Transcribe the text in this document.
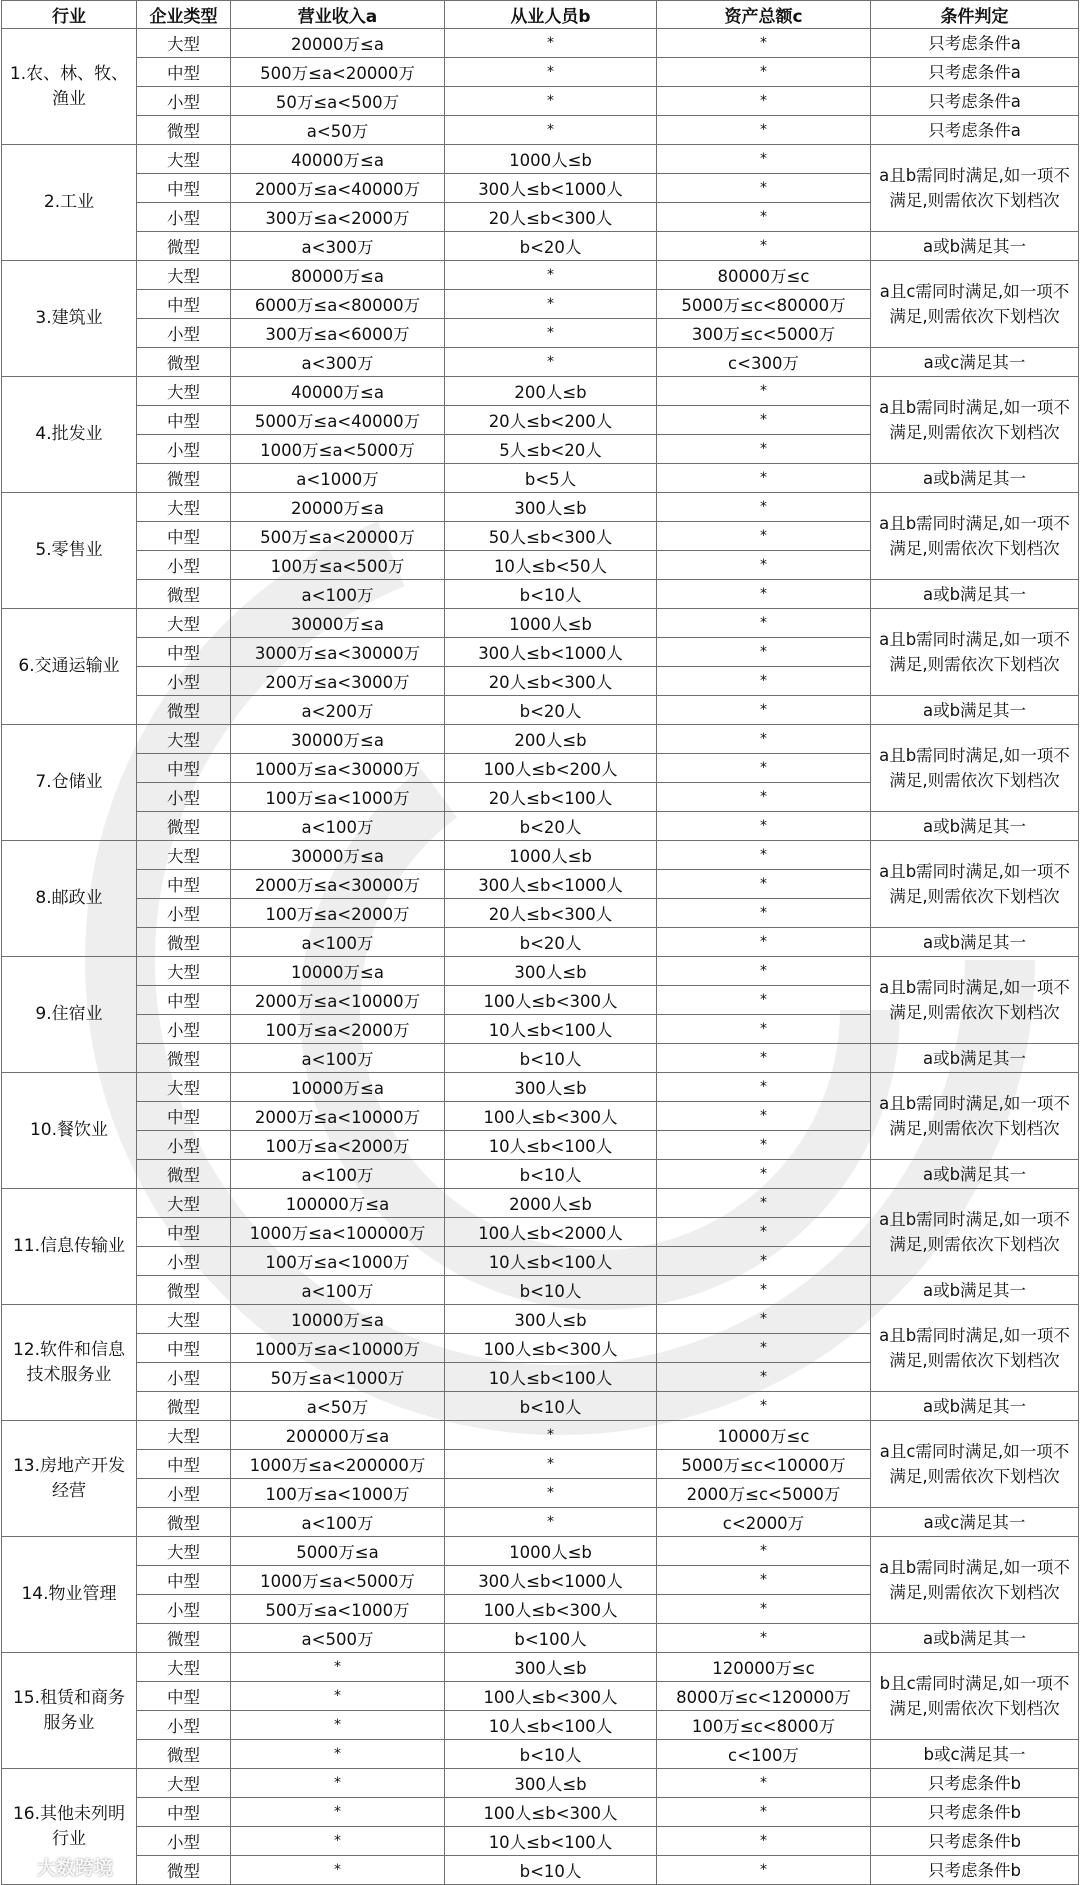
行业	企业类型	营业收入a	从业人员b	资产总额c	条件判定
1.农、林、牧、渔业	大型	20000万≤a	*	*	只考虑条件a
	中型	500万≤a<20000万	*	*	只考虑条件a
	小型	50万≤a<500万	*	*	只考虑条件a
	微型	a<50万	*	*	只考虑条件a
2.工业	大型	40000万≤a	1000人≤b	*	a且b需同时满足,如一项不满足,则需依次下划档次
	中型	2000万≤a<40000万	300人≤b<1000人	*	
	小型	300万≤a<2000万	20人≤b<300人	*	
	微型	a<300万	b<20人	*	a或b满足其一
3.建筑业	大型	80000万≤a	*	80000万≤c	a且c需同时满足,如一项不满足,则需依次下划档次
	中型	6000万≤a<80000万	*	5000万≤c<80000万	
	小型	300万≤a<6000万	*	300万≤c<5000万	
	微型	a<300万	*	c<300万	a或c满足其一
4.批发业	大型	40000万≤a	200人≤b	*	a且b需同时满足,如一项不满足,则需依次下划档次
	中型	5000万≤a<40000万	20人≤b<200人	*	
	小型	1000万≤a<5000万	5人≤b<20人	*	
	微型	a<1000万	b<5人	*	a或b满足其一
5.零售业	大型	20000万≤a	300人≤b	*	a且b需同时满足,如一项不满足,则需依次下划档次
	中型	500万≤a<20000万	50人≤b<300人	*	
	小型	100万≤a<500万	10人≤b<50人	*	
	微型	a<100万	b<10人	*	a或b满足其一
6.交通运输业	大型	30000万≤a	1000人≤b	*	a且b需同时满足,如一项不满足,则需依次下划档次
	中型	3000万≤a<30000万	300人≤b<1000人	*	
	小型	200万≤a<3000万	20人≤b<300人	*	
	微型	a<200万	b<20人	*	a或b满足其一
7.仓储业	大型	30000万≤a	200人≤b	*	a且b需同时满足,如一项不满足,则需依次下划档次
	中型	1000万≤a<30000万	100人≤b<200人	*	
	小型	100万≤a<1000万	20人≤b<100人	*	
	微型	a<100万	b<20人	*	a或b满足其一
8.邮政业	大型	30000万≤a	1000人≤b	*	a且b需同时满足,如一项不满足,则需依次下划档次
	中型	2000万≤a<30000万	300人≤b<1000人	*	
	小型	100万≤a<2000万	20人≤b<300人	*	
	微型	a<100万	b<20人	*	a或b满足其一
9.住宿业	大型	10000万≤a	300人≤b	*	a且b需同时满足,如一项不满足,则需依次下划档次
	中型	2000万≤a<10000万	100人≤b<300人	*	
	小型	100万≤a<2000万	10人≤b<100人	*	
	微型	a<100万	b<10人	*	a或b满足其一
10.餐饮业	大型	10000万≤a	300人≤b	*	a且b需同时满足,如一项不满足,则需依次下划档次
	中型	2000万≤a<10000万	100人≤b<300人	*	
	小型	100万≤a<2000万	10人≤b<100人	*	
	微型	a<100万	b<10人	*	a或b满足其一
11.信息传输业	大型	100000万≤a	2000人≤b	*	a且b需同时满足,如一项不满足,则需依次下划档次
	中型	1000万≤a<100000万	100人≤b<2000人	*	
	小型	100万≤a<1000万	10人≤b<100人	*	
	微型	a<100万	b<10人	*	a或b满足其一
12.软件和信息技术服务业	大型	10000万≤a	300人≤b	*	a且b需同时满足,如一项不满足,则需依次下划档次
	中型	1000万≤a<10000万	100人≤b<300人	*	
	小型	50万≤a<1000万	10人≤b<100人	*	
	微型	a<50万	b<10人	*	a或b满足其一
13.房地产开发经营	大型	200000万≤a	*	10000万≤c	a且c需同时满足,如一项不满足,则需依次下划档次
	中型	1000万≤a<200000万	*	5000万≤c<10000万	
	小型	100万≤a<1000万	*	2000万≤c<5000万	
	微型	a<100万	*	c<2000万	a或c满足其一
14.物业管理	大型	5000万≤a	1000人≤b	*	a且b需同时满足,如一项不满足,则需依次下划档次
	中型	1000万≤a<5000万	300人≤b<1000人	*	
	小型	500万≤a<1000万	100人≤b<300人	*	
	微型	a<500万	b<100人	*	a或b满足其一
15.租赁和商务服务业	大型	*	300人≤b	120000万≤c	b且c需同时满足,如一项不满足,则需依次下划档次
	中型	*	100人≤b<300人	8000万≤c<120000万	
	小型	*	10人≤b<100人	100万≤c<8000万	
	微型	*	b<10人	c<100万	b或c满足其一
16.其他未列明行业	大型	*	300人≤b	*	只考虑条件b
	中型	*	100人≤b<300人	*	只考虑条件b
	小型	*	10人≤b<100人	*	只考虑条件b
	微型	*	b<10人	*	只考虑条件b
大数跨境
